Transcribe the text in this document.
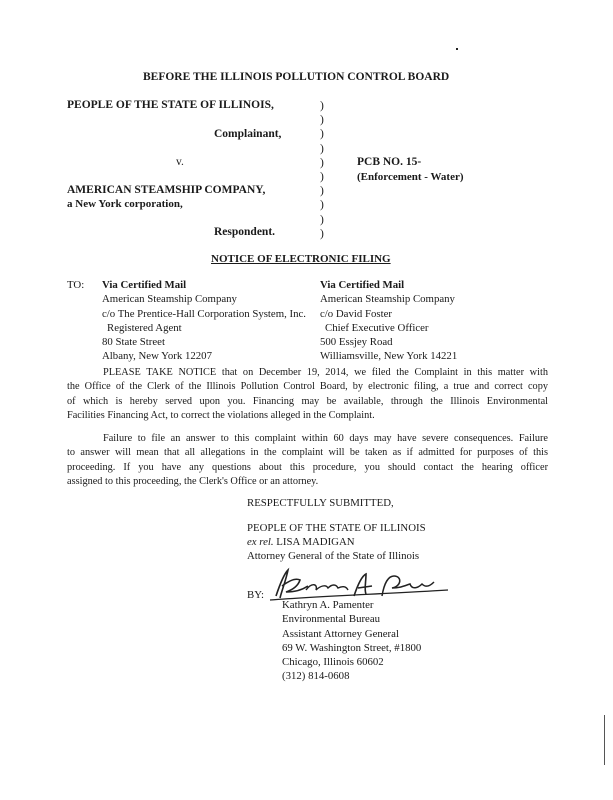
BEFORE THE ILLINOIS POLLUTION CONTROL BOARD
PEOPLE OF THE STATE OF ILLINOIS,
Complainant,
v.
AMERICAN STEAMSHIP COMPANY,
a New York corporation,
Respondent.
)
)
)
)
)
)
)
)
)
)
PCB NO. 15-
(Enforcement - Water)
NOTICE OF ELECTRONIC FILING
TO: Via Certified Mail
American Steamship Company
c/o The Prentice-Hall Corporation System, Inc.
Registered Agent
80 State Street
Albany, New York 12207
Via Certified Mail
American Steamship Company
c/o David Foster
Chief Executive Officer
500 Essjey Road
Williamsville, New York 14221
PLEASE TAKE NOTICE that on December 19, 2014, we filed the Complaint in this matter with
the Office of the Clerk of the Illinois Pollution Control Board, by electronic filing, a true and correct copy
of which is hereby served upon you. Financing may be available, through the Illinois Environmental
Facilities Financing Act, to correct the violations alleged in the Complaint.
Failure to file an answer to this complaint within 60 days may have severe consequences. Failure
to answer will mean that all allegations in the complaint will be taken as if admitted for purposes of this
proceeding. If you have any questions about this procedure, you should contact the hearing officer
assigned to this proceeding, the Clerk's Office or an attorney.
RESPECTFULLY SUBMITTED,
PEOPLE OF THE STATE OF ILLINOIS
ex rel. LISA MADIGAN
Attorney General of the State of Illinois
BY:
Kathryn A. Pamenter
Environmental Bureau
Assistant Attorney General
69 W. Washington Street, #1800
Chicago, Illinois 60602
(312) 814-0608
